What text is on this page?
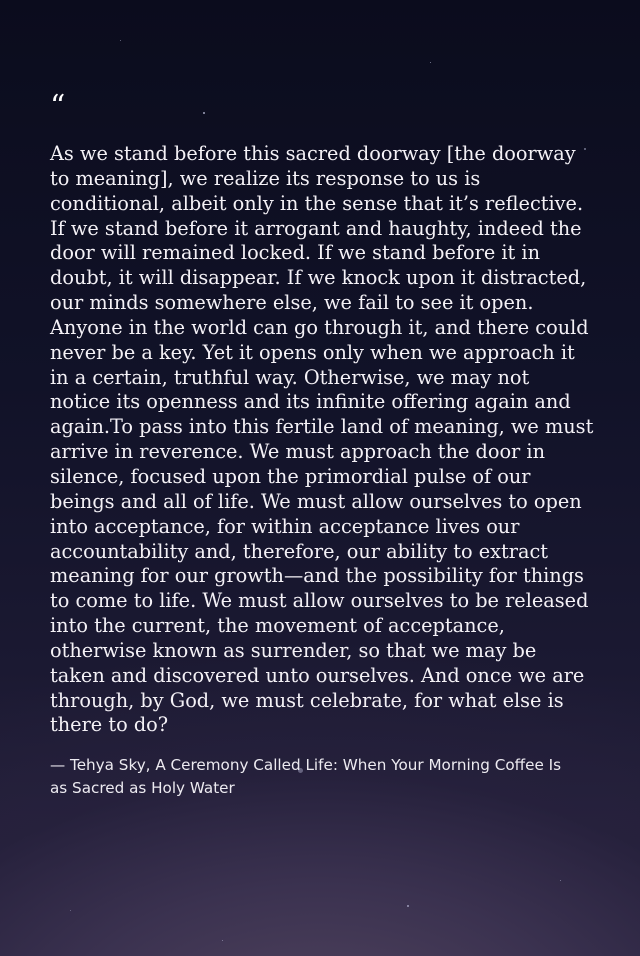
“

As we stand before this sacred doorway [the doorway to meaning], we realize its response to us is conditional, albeit only in the sense that it’s reflective. If we stand before it arrogant and haughty, indeed the door will remained locked. If we stand before it in doubt, it will disappear. If we knock upon it distracted, our minds somewhere else, we fail to see it open. Anyone in the world can go through it, and there could never be a key. Yet it opens only when we approach it in a certain, truthful way. Otherwise, we may not notice its openness and its infinite offering again and again.To pass into this fertile land of meaning, we must arrive in reverence. We must approach the door in silence, focused upon the primordial pulse of our beings and all of life. We must allow ourselves to open into acceptance, for within acceptance lives our accountability and, therefore, our ability to extract meaning for our growth—and the possibility for things to come to life. We must allow ourselves to be released into the current, the movement of acceptance, otherwise known as surrender, so that we may be taken and discovered unto ourselves. And once we are through, by God, we must celebrate, for what else is there to do?

— Tehya Sky, A Ceremony Called Life: When Your Morning Coffee Is as Sacred as Holy Water
